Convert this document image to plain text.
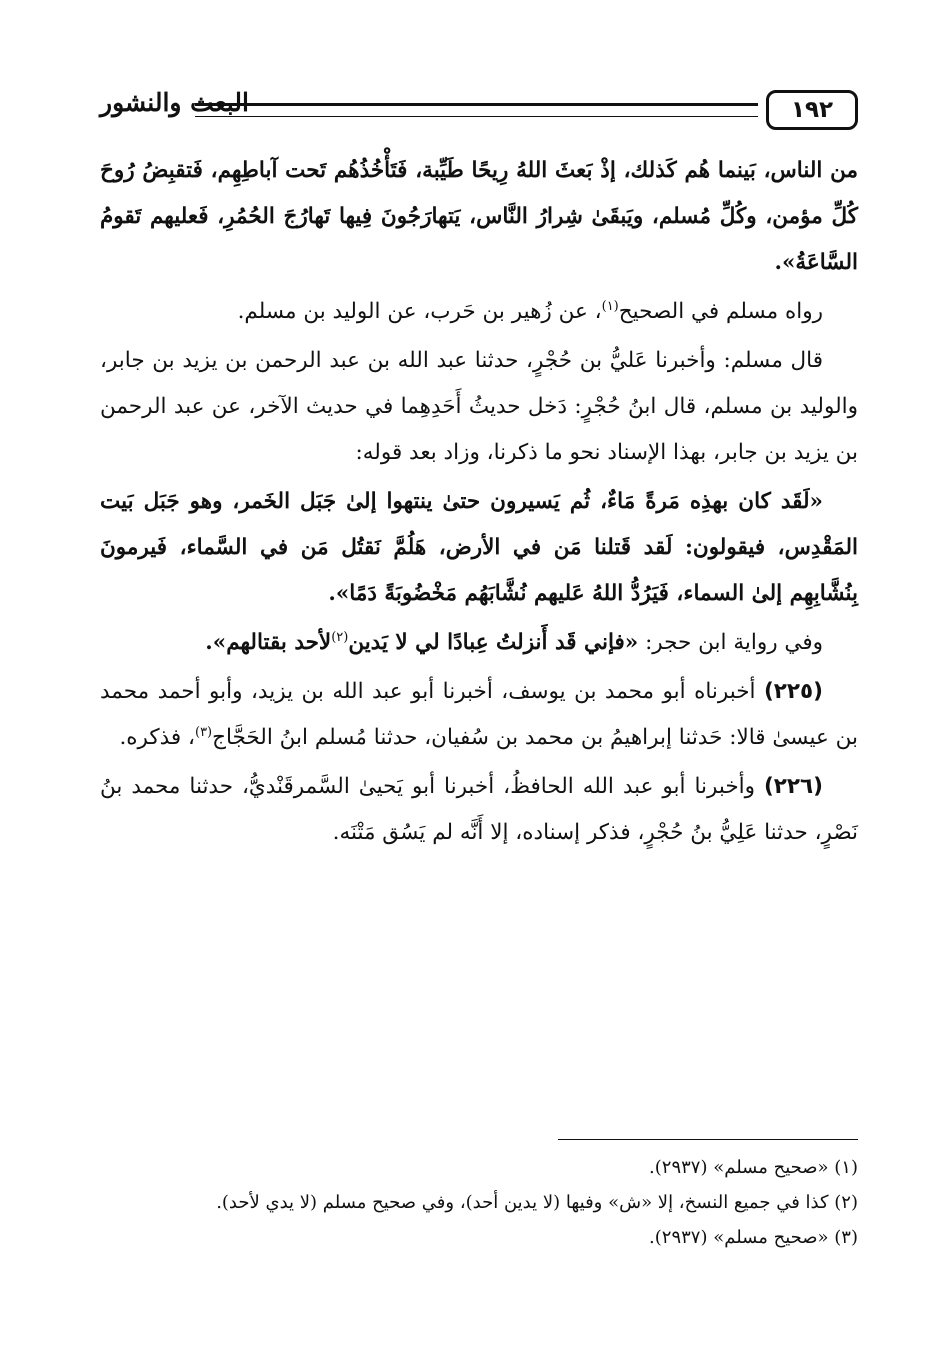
البعث والنشور	١٩٢

من الناس، بَينما هُم كَذلك، إذْ بَعثَ اللهُ رِيحًا طَيِّبة، فَتَأْخُذُهُم تَحت آباطِهِم، فَتقبِضُ رُوحَ كُلِّ مؤمن، وكُلِّ مُسلم، ويَبقَىٰ شِرارُ النَّاس، يَتهارَجُونَ فِيها تَهارُجَ الحُمُرِ، فَعليهم تَقومُ السَّاعَةُ».

رواه مسلم في الصحيح$^{(١)}$، عن زُهير بن حَرب، عن الوليد بن مسلم.

قال مسلم: وأخبرنا عَليُّ بن حُجْرٍ، حدثنا عبد الله بن عبد الرحمن بن يزيد بن جابر، والوليد بن مسلم، قال ابنُ حُجْرٍ: دَخل حديثُ أَحَدِهِما في حديث الآخر، عن عبد الرحمن بن يزيد بن جابر، بهذا الإسناد نحو ما ذكرنا، وزاد بعد قوله:

«لَقَد كان بهذِه مَرةً مَاءٌ، ثُم يَسيرون حتىٰ ينتهوا إلىٰ جَبَل الخَمر، وهو جَبَل بَيت المَقْدِس، فيقولون: لَقد قَتلنا مَن في الأرض، هَلُمَّ نَقتُل مَن في السَّماء، فَيرمونَ بِنُشَّابِهِم إلىٰ السماء، فَيَرُدُّ اللهُ عَليهم نُشَّابَهُم مَخْضُوبَةً دَمًا».

وفي رواية ابن حجر: «فإني قَد أَنزلتُ عِبادًا لي لا يَدين$^{(٢)}$لأحد بقتالهم».

(٢٢٥) أخبرناه أبو محمد بن يوسف، أخبرنا أبو عبد الله بن يزيد، وأبو أحمد محمد بن عيسىٰ قالا: حَدثنا إبراهيمُ بن محمد بن سُفيان، حدثنا مُسلم ابنُ الحَجَّاج$^{(٣)}$، فذكره.

(٢٢٦) وأخبرنا أبو عبد الله الحافظُ، أخبرنا أبو يَحيىٰ السَّمرقَنْديُّ، حدثنا محمد بنُ نَصْرٍ، حدثنا عَلِيُّ بنُ حُجْرٍ، فذكر إسناده، إلا أَنَّه لم يَسُق مَتْنَه.

(١) «صحيح مسلم» (٢٩٣٧).

(٢) كذا في جميع النسخ، إلا «ش» وفيها (لا يدين أحد)، وفي صحيح مسلم (لا يدي لأحد).

(٣) «صحيح مسلم» (٢٩٣٧).
